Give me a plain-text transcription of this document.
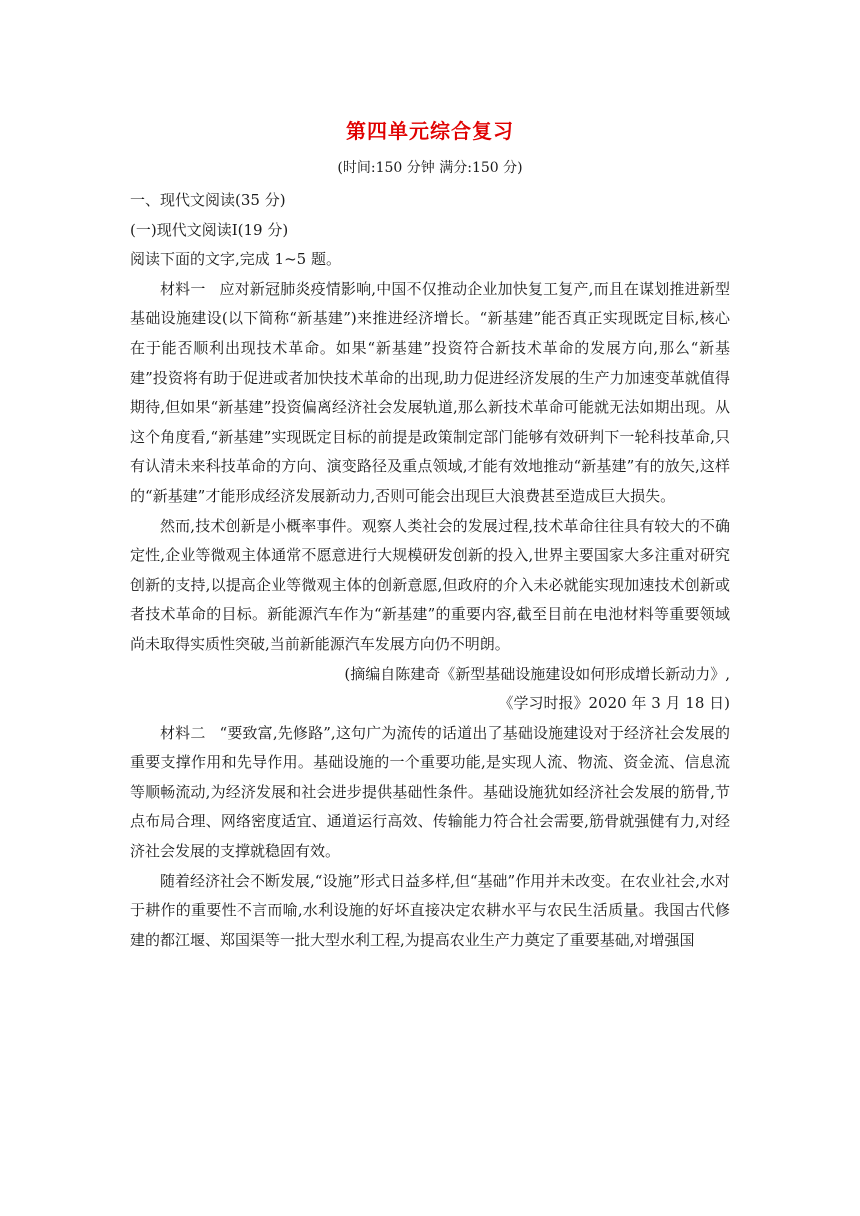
第四单元综合复习
(时间:150 分钟 满分:150 分)

一、现代文阅读(35 分)

(一)现代文阅读Ⅰ(19 分)

阅读下面的文字,完成 1~5 题。

材料一 应对新冠肺炎疫情影响,中国不仅推动企业加快复工复产,而且在谋划推进新型基础设施建设(以下简称“新基建”)来推进经济增长。“新基建”能否真正实现既定目标,核心在于能否顺利出现技术革命。如果“新基建”投资符合新技术革命的发展方向,那么“新基建”投资将有助于促进或者加快技术革命的出现,助力促进经济发展的生产力加速变革就值得期待,但如果“新基建”投资偏离经济社会发展轨道,那么新技术革命可能就无法如期出现。从这个角度看,“新基建”实现既定目标的前提是政策制定部门能够有效研判下一轮科技革命,只有认清未来科技革命的方向、演变路径及重点领域,才能有效地推动“新基建”有的放矢,这样的“新基建”才能形成经济发展新动力,否则可能会出现巨大浪费甚至造成巨大损失。

然而,技术创新是小概率事件。观察人类社会的发展过程,技术革命往往具有较大的不确定性,企业等微观主体通常不愿意进行大规模研发创新的投入,世界主要国家大多注重对研究创新的支持,以提高企业等微观主体的创新意愿,但政府的介入未必就能实现加速技术创新或者技术革命的目标。新能源汽车作为“新基建”的重要内容,截至目前在电池材料等重要领域尚未取得实质性突破,当前新能源汽车发展方向仍不明朗。

(摘编自陈建奇《新型基础设施建设如何形成增长新动力》,

《学习时报》2020 年 3 月 18 日)

材料二 “要致富,先修路”,这句广为流传的话道出了基础设施建设对于经济社会发展的重要支撑作用和先导作用。基础设施的一个重要功能,是实现人流、物流、资金流、信息流等顺畅流动,为经济发展和社会进步提供基础性条件。基础设施犹如经济社会发展的筋骨,节点布局合理、网络密度适宜、通道运行高效、传输能力符合社会需要,筋骨就强健有力,对经济社会发展的支撑就稳固有效。

随着经济社会不断发展,“设施”形式日益多样,但“基础”作用并未改变。在农业社会,水对于耕作的重要性不言而喻,水利设施的好坏直接决定农耕水平与农民生活质量。我国古代修建的都江堰、郑国渠等一批大型水利工程,为提高农业生产力奠定了重要基础,对增强国
